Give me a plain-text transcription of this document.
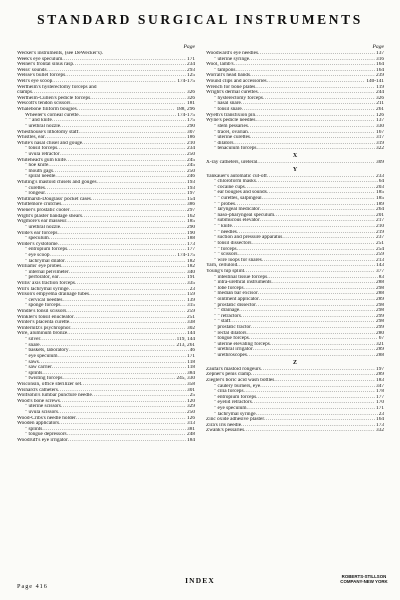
STANDARD SURGICAL INSTRUMENTS
Page
Wecker's instruments, (see DeWecker's).
Week's eye speculum .....	171
Weiner's frontal sinus rasp .....	234
Weiss' sounds .....	293
Welsse's bullet forceps .....	125
Well's eye scoop .....	174-175
Wertheim's hysterectomy forceps and
clamps .....	326
Wertheim-Cullen's pedicle forceps .....	326
Wescott's tendon scissors .....	181
Whalebone filiform bougies .....	188, 296
Wheeler's corneal curette .....	174-175
" " and knife .....	175
" urethral nozzle .....	290
Whesthouse's lithotomy staff .....	307
Whistles, ear .....	186
White's nasal chisel and gouge .....	210
" tonsil forceps .....	234
" uvula retractor .....	250
Whitehead's gum knife .....	245
" hoe knife .....	245
" mouth gags .....	250
" spiral needle .....	246
Whiting's mastoid chisels and gouges .....	193
" curettes .....	193
" rongeur .....	197
Whitmarsh-Douglass' pocket cases .....	154
Whittemore crutches .....	386
Wiener's prostatic cooler .....	297
Wight's plaster bandage shears .....	162
Wigmore's ear masseur .....	185
" urethral nozzle .....	290
Wilde's ear forceps .....	190
" speculum .....	188
Wilder's cystotome .....	173
" entropium forceps .....	177
" eye scoop .....	174-175
" lachrymal dilator .....	182
Williams' eye probes .....	182
" internal pelvimeter .....	340
" perforator, ear .....	191
Willis' axis traction forceps .....	335
Will's lachrymal syringe .....	23
Wilson's empyema drainage tubes .....	159
" cervical needles .....	139
" sponge forceps .....	315
Windle's tonsil scissors .....	259
Winkler's tonsil enucleator .....	251
Winter's placenta curette .....	338
Winternitz's psychrophor .....	302
Wire, aluminum bronze .....	144
" silver .....	119, 144
" snare .....	213, 261
" baskets, laboratory .....	46
" eye speculum .....	171
" saws .....	118
" saw carrier .....	118
" splints .....	384
" twisting forceps .....	245, 330
Wisconsin, office sterilizer set .....	358
Wishard's catheters .....	301
Wolfsohn's lumbar puncture needle .....	25
Wood's bone screws .....	120
" uterine scissors .....	329
" uvula scissors .....	250
Wood-Cribs's needle holder .....	126
Wooden applicators .....	313
" splints .....	381
" tongue depressors .....	248
Woodruff's eye irrigator .....	184
Page
Woodward's eye needles .....	137
" uterine syringe .....	316
Wool, lamb's .....	164
" tampons .....	164
Worrall's head bands .....	239
Wound clips and accessories .....	140-141
Wrench for bone plates .....	119
Wright's dermal curettes .....	244
" hysterectomy forceps .....	326
" nasal snare .....	211
" tonsil snare .....	261
Wyeth's transfixion pin .....	126
Wylie's pedicle needles .....	137
" stem pessaries .....	330
" tracel, ovarian .....	167
" uterine curettes .....	317
" dilators .....	319
" tenaculum forceps .....	322
X
X-ray catheters, ureteral .....	309
Y
Yankauer's automatic cut-off .....	233
" chloroform masks .....	64
" cocaine cups .....	203
" ear bougies and sounds .....	185
" " curettes, salpingeal .....	185
" " probes .....	189
" laryngeal medicator .....	264
" naso-pharyngeal speculum .....	201
" submucous elevator .....	217
" " knife .....	210
" " needles .....	219
" suction and pressure apparatus .....	237
" tonsil dissectors .....	251
" " forceps .....	254
" " scissors .....	259
" wire loops for snares .....	213
Yarn, celluloid .....	143
Young's hip splint .....	377
" intestinal tissue forceps .....	83
" intra-urethral instruments .....	288
" lobe forceps .....	298
" median bar excisor .....	288
" ointment applicator .....	289
" prostatic dissector .....	298
" " drainage .....	298
" " retractors .....	299
" " staff .....	298
" prostatic tractor .....	299
" rectal dilators .....	280
" tongue forceps .....	67
" uterine elevating forceps .....	321
" urethral irrigator .....	289
" urethroscopes .....	288
Z
Zaufal's mastoid rongeurs .....	197
Zepner's penis clamp .....	289
Ziegler's boric acid wash bottles .....	183
" cautery burners, eye .....	347
" cilia forceps .....	178
" entropium forceps .....	177
" eyelid retractors .....	170
" eye speculum .....	171
" lachrymal syringe .....	23
Zinc oxide adhesive plaster .....	164
Zira's iris needle .....	173
Zwank's pessaries .....	332
Page 416
INDEX	ROBERTS-STILLSON
COMPANY-NEW YORK
